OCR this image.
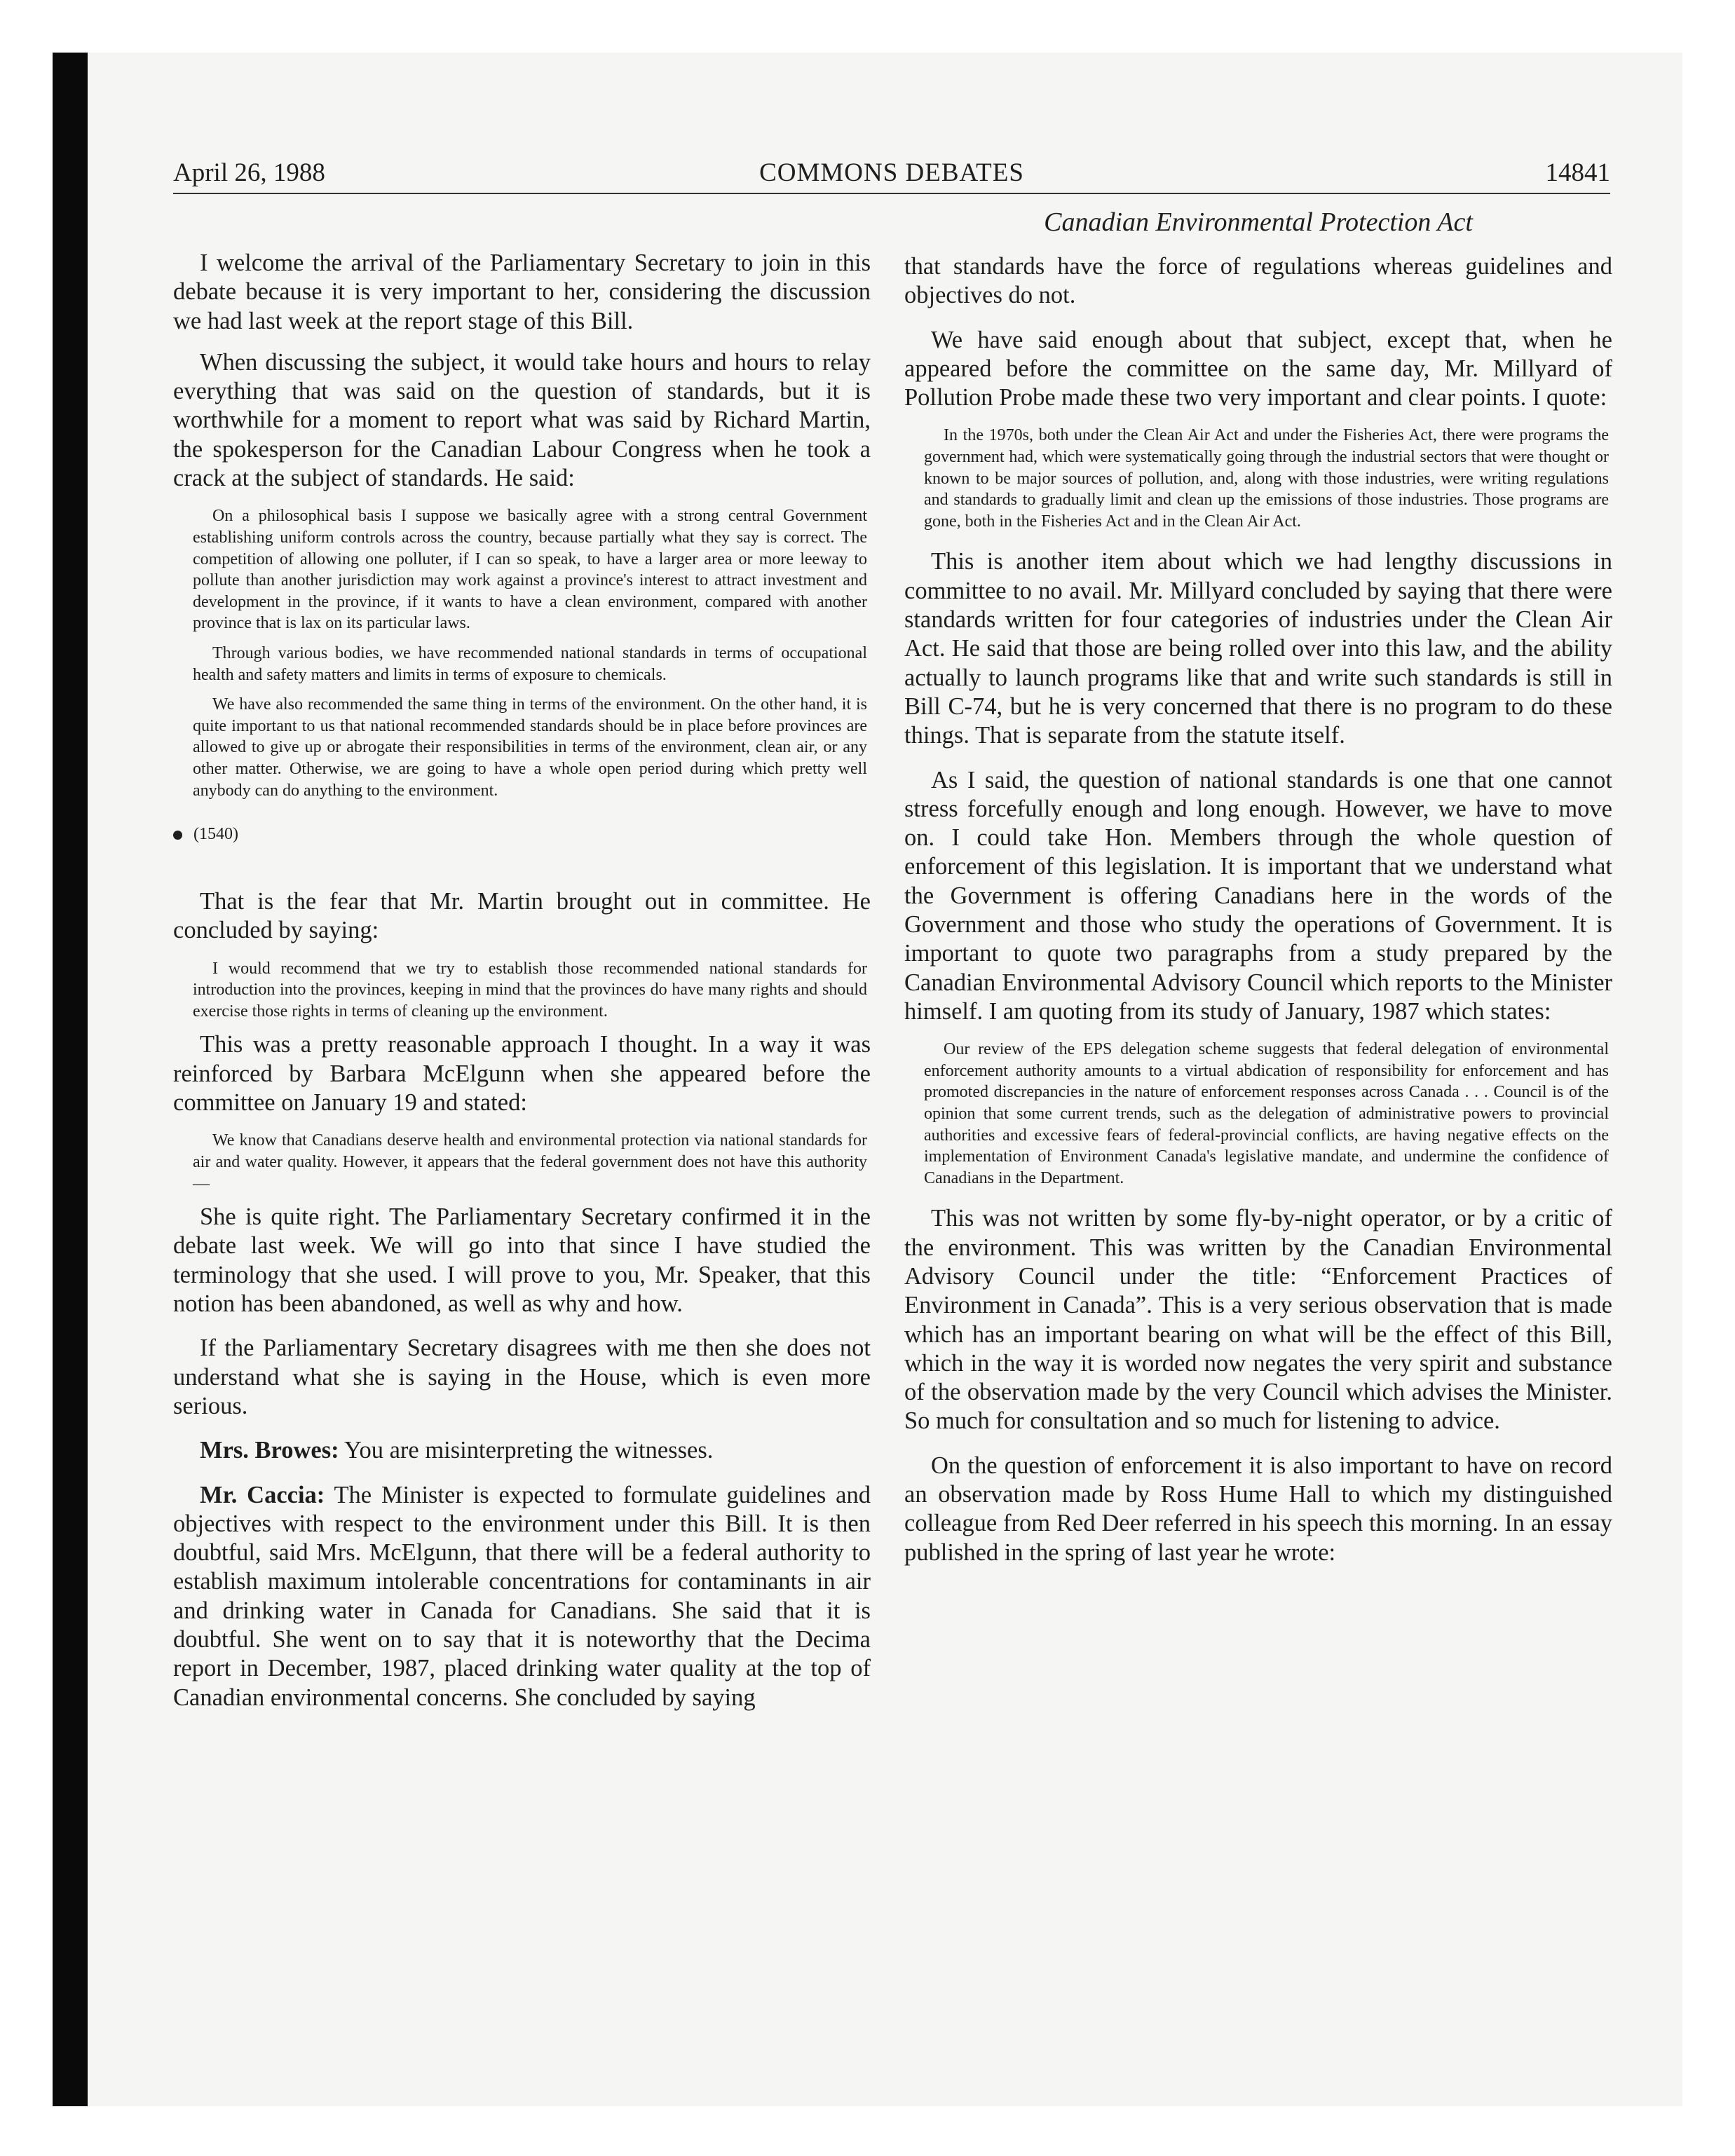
April 26, 1988	COMMONS DEBATES	14841
Canadian Environmental Protection Act

I welcome the arrival of the Parliamentary Secretary to join in this debate because it is very important to her, considering the discussion we had last week at the report stage of this Bill.

When discussing the subject, it would take hours and hours to relay everything that was said on the question of standards, but it is worthwhile for a moment to report what was said by Richard Martin, the spokesperson for the Canadian Labour Congress when he took a crack at the subject of standards. He said:

On a philosophical basis I suppose we basically agree with a strong central Government establishing uniform controls across the country, because partially what they say is correct. The competition of allowing one polluter, if I can so speak, to have a larger area or more leeway to pollute than another jurisdiction may work against a province's interest to attract investment and development in the province, if it wants to have a clean environment, compared with another province that is lax on its particular laws.

Through various bodies, we have recommended national standards in terms of occupational health and safety matters and limits in terms of exposure to chemicals.

We have also recommended the same thing in terms of the environment. On the other hand, it is quite important to us that national recommended standards should be in place before provinces are allowed to give up or abrogate their responsibilities in terms of the environment, clean air, or any other matter. Otherwise, we are going to have a whole open period during which pretty well anybody can do anything to the environment.

(1540)

That is the fear that Mr. Martin brought out in committee. He concluded by saying:

I would recommend that we try to establish those recommended national standards for introduction into the provinces, keeping in mind that the provinces do have many rights and should exercise those rights in terms of cleaning up the environment.

This was a pretty reasonable approach I thought. In a way it was reinforced by Barbara McElgunn when she appeared before the committee on January 19 and stated:

We know that Canadians deserve health and environmental protection via national standards for air and water quality. However, it appears that the federal government does not have this authority—

She is quite right. The Parliamentary Secretary confirmed it in the debate last week. We will go into that since I have studied the terminology that she used. I will prove to you, Mr. Speaker, that this notion has been abandoned, as well as why and how.

If the Parliamentary Secretary disagrees with me then she does not understand what she is saying in the House, which is even more serious.

Mrs. Browes: You are misinterpreting the witnesses.

Mr. Caccia: The Minister is expected to formulate guidelines and objectives with respect to the environment under this Bill. It is then doubtful, said Mrs. McElgunn, that there will be a federal authority to establish maximum intolerable concentrations for contaminants in air and drinking water in Canada for Canadians. She said that it is doubtful. She went on to say that it is noteworthy that the Decima report in December, 1987, placed drinking water quality at the top of Canadian environmental concerns. She concluded by saying

that standards have the force of regulations whereas guidelines and objectives do not.

We have said enough about that subject, except that, when he appeared before the committee on the same day, Mr. Millyard of Pollution Probe made these two very important and clear points. I quote:

In the 1970s, both under the Clean Air Act and under the Fisheries Act, there were programs the government had, which were systematically going through the industrial sectors that were thought or known to be major sources of pollution, and, along with those industries, were writing regulations and standards to gradually limit and clean up the emissions of those industries. Those programs are gone, both in the Fisheries Act and in the Clean Air Act.

This is another item about which we had lengthy discussions in committee to no avail. Mr. Millyard concluded by saying that there were standards written for four categories of industries under the Clean Air Act. He said that those are being rolled over into this law, and the ability actually to launch programs like that and write such standards is still in Bill C-74, but he is very concerned that there is no program to do these things. That is separate from the statute itself.

As I said, the question of national standards is one that one cannot stress forcefully enough and long enough. However, we have to move on. I could take Hon. Members through the whole question of enforcement of this legislation. It is important that we understand what the Government is offering Canadians here in the words of the Government and those who study the operations of Government. It is important to quote two paragraphs from a study prepared by the Canadian Environmental Advisory Council which reports to the Minister himself. I am quoting from its study of January, 1987 which states:

Our review of the EPS delegation scheme suggests that federal delegation of environmental enforcement authority amounts to a virtual abdication of responsibility for enforcement and has promoted discrepancies in the nature of enforcement responses across Canada . . . Council is of the opinion that some current trends, such as the delegation of administrative powers to provincial authorities and excessive fears of federal-provincial conflicts, are having negative effects on the implementation of Environment Canada's legislative mandate, and undermine the confidence of Canadians in the Department.

This was not written by some fly-by-night operator, or by a critic of the environment. This was written by the Canadian Environmental Advisory Council under the title: “Enforcement Practices of Environment in Canada”. This is a very serious observation that is made which has an important bearing on what will be the effect of this Bill, which in the way it is worded now negates the very spirit and substance of the observation made by the very Council which advises the Minister. So much for consultation and so much for listening to advice.

On the question of enforcement it is also important to have on record an observation made by Ross Hume Hall to which my distinguished colleague from Red Deer referred in his speech this morning. In an essay published in the spring of last year he wrote:
